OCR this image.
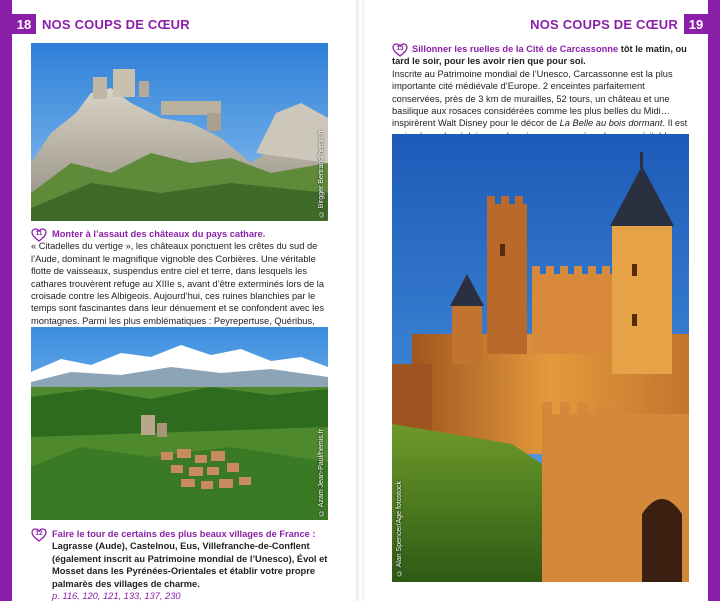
18 NOS COUPS DE CŒUR
© Birgger Bertrand/hemis.fr
11	Monter à l’assaut des châteaux du pays cathare.
« Citadelles du vertige », les châteaux ponctuent les crêtes du sud de l’Aude, dominant le magnifique vignoble des Corbières. Une véritable flotte de vaisseaux, suspendus entre ciel et terre, dans lesquels les cathares trouvèrent refuge au XIIIe s, avant d’être exterminés lors de la croisade contre les Albigeois. Aujourd’hui, ces ruines blanchies par le temps sont fascinantes dans leur dénuement et se confondent avec les montagnes. Parmi les plus emblématiques : Peyrepertuse, Quéribus,
© Azam Jean-Paul/hemis.fr
12	Faire le tour de certains des plus beaux villages de France : Lagrasse (Aude), Castelnou, Eus, Villefranche-de-Conflent (également inscrit au Patrimoine mondial de l’Unesco), Évol et Mosset dans les Pyrénées-Orientales et établir votre propre palmarès des villages de charme.
p. 116, 120, 121, 133, 137, 230
NOS COUPS DE CŒUR 19
13 Sillonner les ruelles de la Cité de Carcassonne tôt le matin, ou tard le soir, pour les avoir rien que pour soi.
Inscrite au Patrimoine mondial de l’Unesco, Carcassonne est la plus importante cité médiévale d’Europe. 2 enceintes parfaitement conservées, près de 3 km de murailles, 52 tours, un château et une basilique aux rosaces considérées comme les plus belles du Midi… inspirèrent Walt Disney pour le décor de La Belle au bois dormant. Il est
© Alan Spencer/Age fotostock
